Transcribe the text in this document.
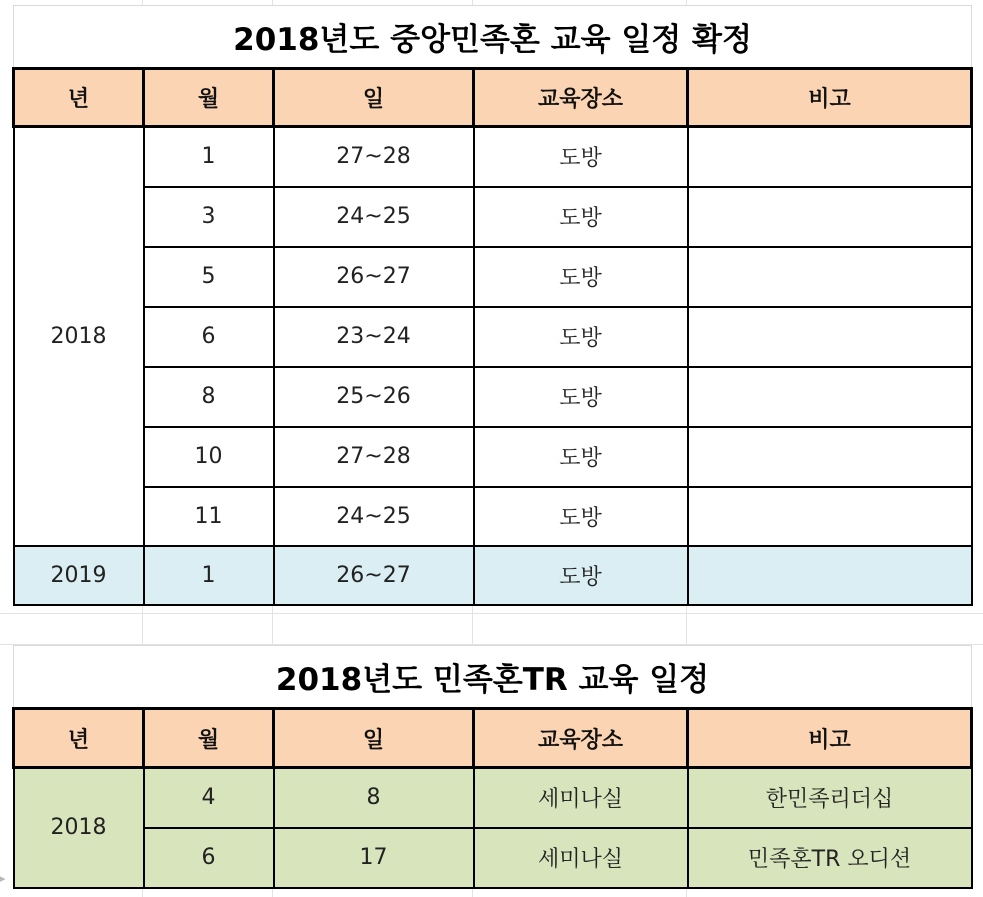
2018년도 중앙민족혼 교육 일정 확정				
년	월	일	교육장소	비고
2018	1	27~28	도방	
	3	24~25	도방	
	5	26~27	도방	
	6	23~24	도방	
	8	25~26	도방	
	10	27~28	도방	
	11	24~25	도방	
2019	1	26~27	도방	
2018년도 민족혼TR 교육 일정				
년	월	일	교육장소	비고
2018	4	8	세미나실	한민족리더십
	6	17	세미나실	민족혼TR 오디션
▸
